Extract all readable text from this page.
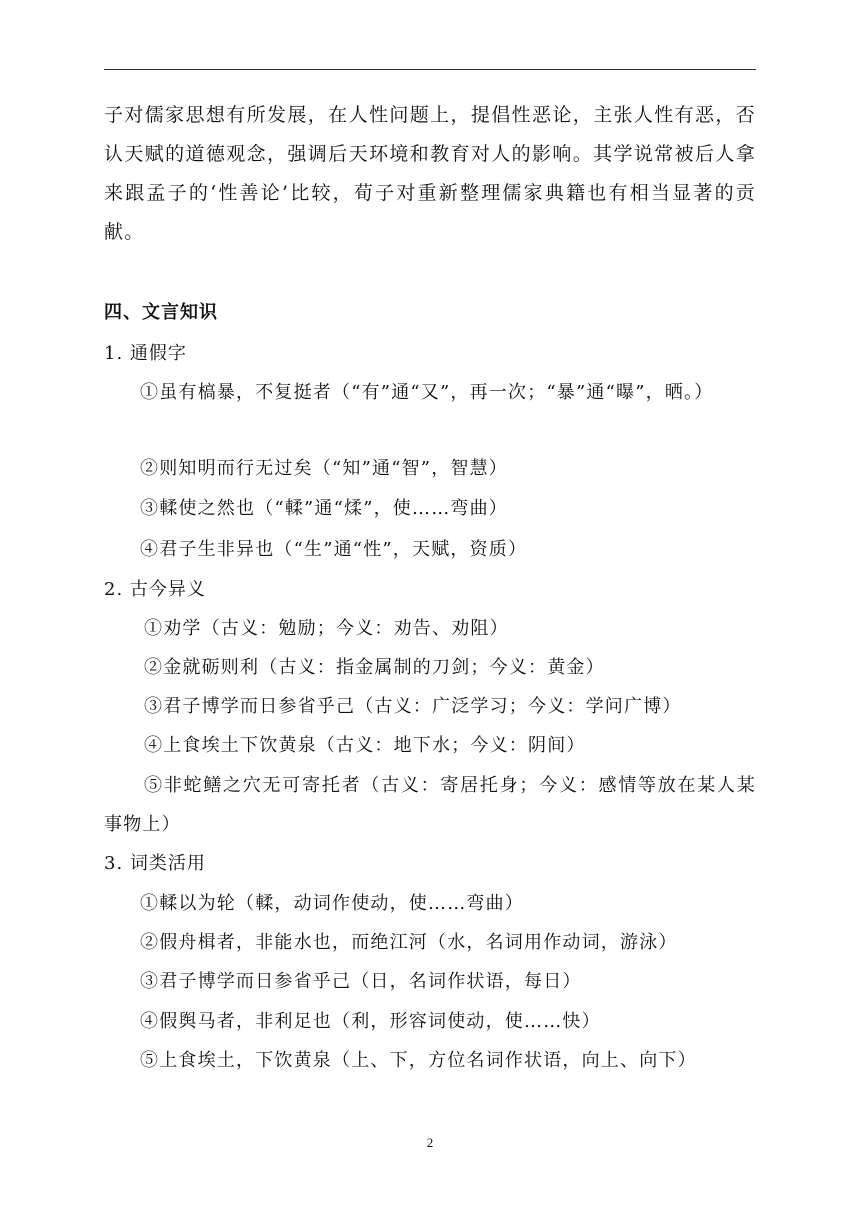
子对儒家思想有所发展，在人性问题上，提倡性恶论，主张人性有恶，否认天赋的道德观念，强调后天环境和教育对人的影响。其学说常被后人拿来跟孟子的‘性善论’比较，荀子对重新整理儒家典籍也有相当显著的贡献。
四、文言知识
1. 通假字
①虽有槁暴，不复挺者（“有”通“又”，再一次；“暴”通“曝”，晒。）
②则知明而行无过矣（“知”通“智”，智慧）
③輮使之然也（“輮”通“煣”，使……弯曲）
④君子生非异也（“生”通“性”，天赋，资质）
2. 古今异义
①劝学（古义：勉励；今义：劝告、劝阻）
②金就砺则利（古义：指金属制的刀剑；今义：黄金）
③君子博学而日参省乎己（古义：广泛学习；今义：学问广博）
④上食埃土下饮黄泉（古义：地下水；今义：阴间）
⑤非蛇鳝之穴无可寄托者（古义：寄居托身；今义：感情等放在某人某事物上）
3. 词类活用
①輮以为轮（輮，动词作使动，使……弯曲）
②假舟楫者，非能水也，而绝江河（水，名词用作动词，游泳）
③君子博学而日参省乎己（日，名词作状语，每日）
④假舆马者，非利足也（利，形容词使动，使……快）
⑤上食埃土，下饮黄泉（上、下，方位名词作状语，向上、向下）
2
